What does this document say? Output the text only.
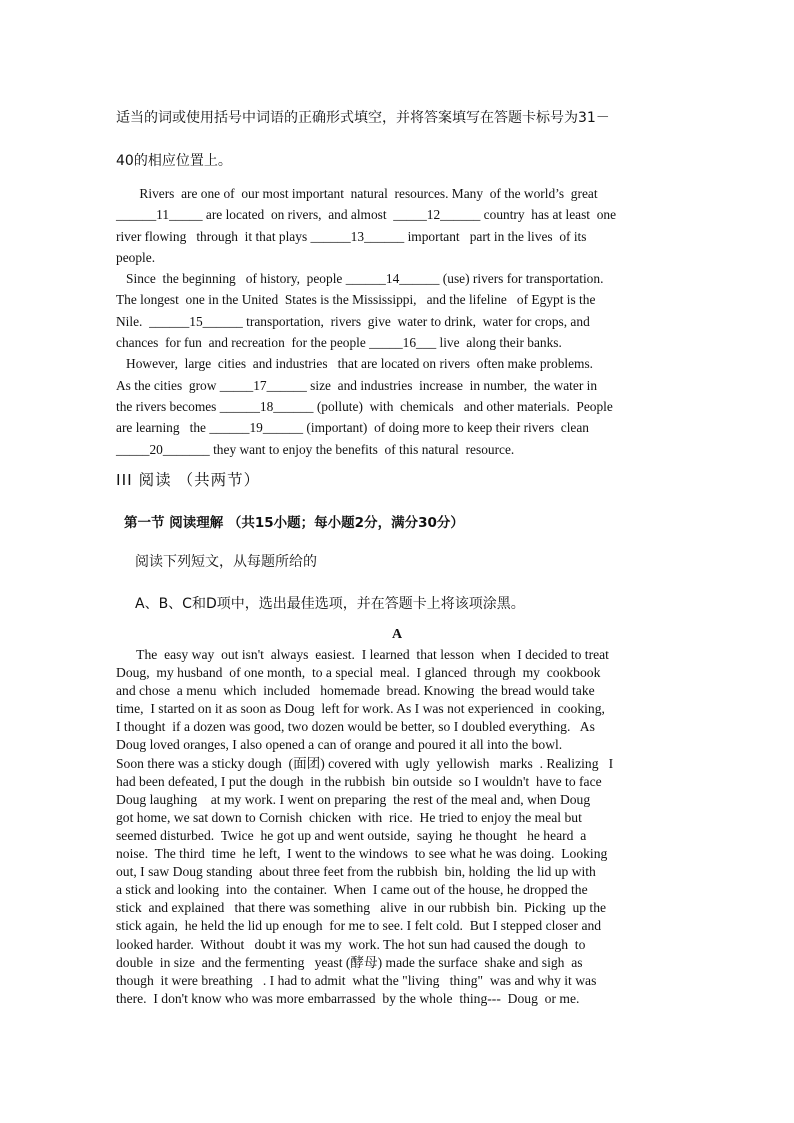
适当的词或使用括号中词语的正确形式填空，并将答案填写在答题卡标号为31－
40的相应位置上。
Rivers  are one of  our most important  natural  resources. Many  of the world’s  great
______11_____ are located  on rivers,  and almost  _____12______ country  has at least  one
river flowing   through  it that plays ______13______ important   part in the lives  of its
people.
Since  the beginning   of history,  people ______14______ (use) rivers for transportation.
The longest  one in the United  States is the Mississippi,   and the lifeline   of Egypt is the
Nile.  ______15______ transportation,  rivers  give  water to drink,  water for crops, and
chances  for fun  and recreation  for the people _____16___ live  along their banks.
However,  large  cities  and industries   that are located on rivers  often make problems.
As the cities  grow _____17______ size  and industries  increase  in number,  the water in
the rivers becomes ______18______ (pollute)  with  chemicals   and other materials.  People
are learning   the ______19______ (important)  of doing more to keep their rivers  clean
_____20_______ they want to enjoy the benefits  of this natural  resource.
III 阅读 （共两节）
第一节 阅读理解 （共15小题；每小题2分，满分30分）
阅读下列短文，从每题所给的
A、B、C和D项中，选出最佳选项，并在答题卡上将该项涂黑。
A
The  easy way  out isn't  always  easiest.  I learned  that lesson  when  I decided to treat
Doug,  my husband  of one month,  to a special  meal.  I glanced  through  my  cookbook
and chose  a menu  which  included   homemade  bread. Knowing  the bread would take
time,  I started on it as soon as Doug  left for work. As I was not experienced  in  cooking,
I thought  if a dozen was good, two dozen would be better, so I doubled everything.   As
Doug loved oranges, I also opened a can of orange and poured it all into the bowl.
Soon there was a sticky dough  (面团) covered with  ugly  yellowish   marks  . Realizing   I
had been defeated, I put the dough  in the rubbish  bin outside  so I wouldn't  have to face
Doug laughing    at my work. I went on preparing  the rest of the meal and, when Doug
got home, we sat down to Cornish  chicken  with  rice.  He tried to enjoy the meal but
seemed disturbed.  Twice  he got up and went outside,  saying  he thought   he heard  a
noise.  The third  time  he left,  I went to the windows  to see what he was doing.  Looking
out, I saw Doug standing  about three feet from the rubbish  bin, holding  the lid up with
a stick and looking  into  the container.  When  I came out of the house, he dropped the
stick  and explained   that there was something   alive  in our rubbish  bin.  Picking  up the
stick again,  he held the lid up enough  for me to see. I felt cold.  But I stepped closer and
looked harder.  Without   doubt it was my  work. The hot sun had caused the dough  to
double  in size  and the fermenting   yeast (酵母) made the surface  shake and sigh  as
though  it were breathing   . I had to admit  what the "living   thing"  was and why it was
there.  I don't know who was more embarrassed  by the whole  thing---  Doug  or me.
